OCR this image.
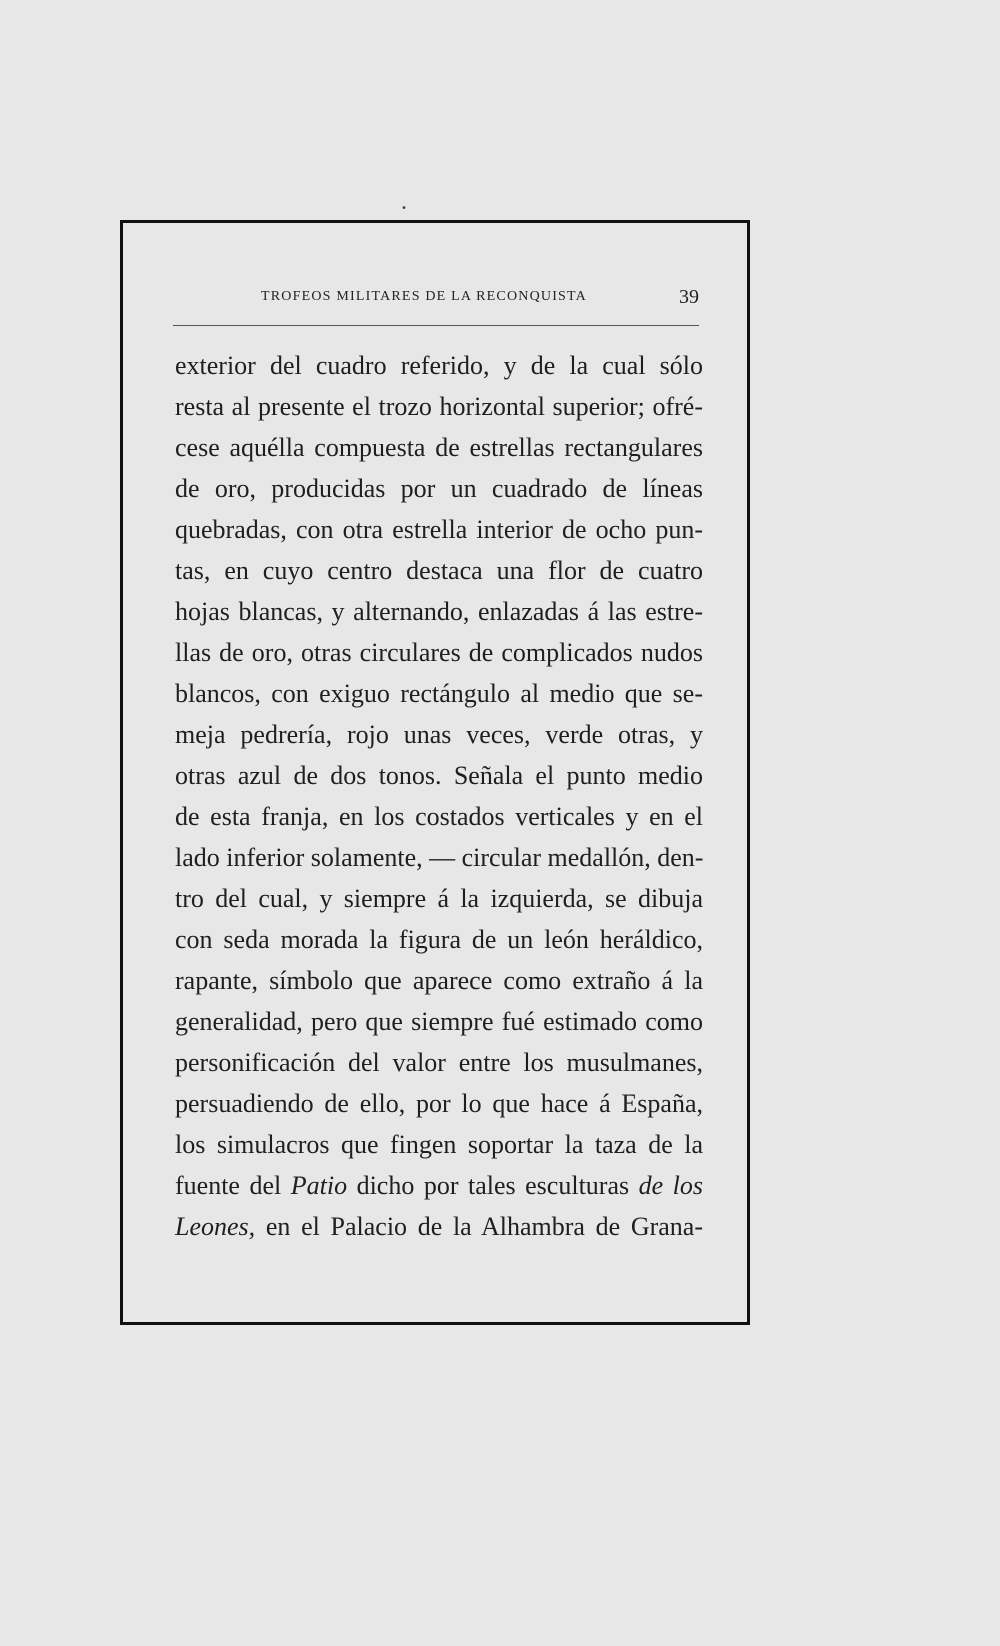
•
TROFEOS MILITARES DE LA RECONQUISTA	39
exterior del cuadro referido, y de la cual sólo
resta al presente el trozo horizontal superior; ofré-
cese aquélla compuesta de estrellas rectangulares
de oro, producidas por un cuadrado de líneas
quebradas, con otra estrella interior de ocho pun-
tas, en cuyo centro destaca una flor de cuatro
hojas blancas, y alternando, enlazadas á las estre-
llas de oro, otras circulares de complicados nudos
blancos, con exiguo rectángulo al medio que se-
meja pedrería, rojo unas veces, verde otras, y
otras azul de dos tonos. Señala el punto medio
de esta franja, en los costados verticales y en el
lado inferior solamente, — circular medallón, den-
tro del cual, y siempre á la izquierda, se dibuja
con seda morada la figura de un león heráldico,
rapante, símbolo que aparece como extraño á la
generalidad, pero que siempre fué estimado como
personificación del valor entre los musulmanes,
persuadiendo de ello, por lo que hace á España,
los simulacros que fingen soportar la taza de la
fuente del Patio dicho por tales esculturas de los
Leones, en el Palacio de la Alhambra de Grana-
